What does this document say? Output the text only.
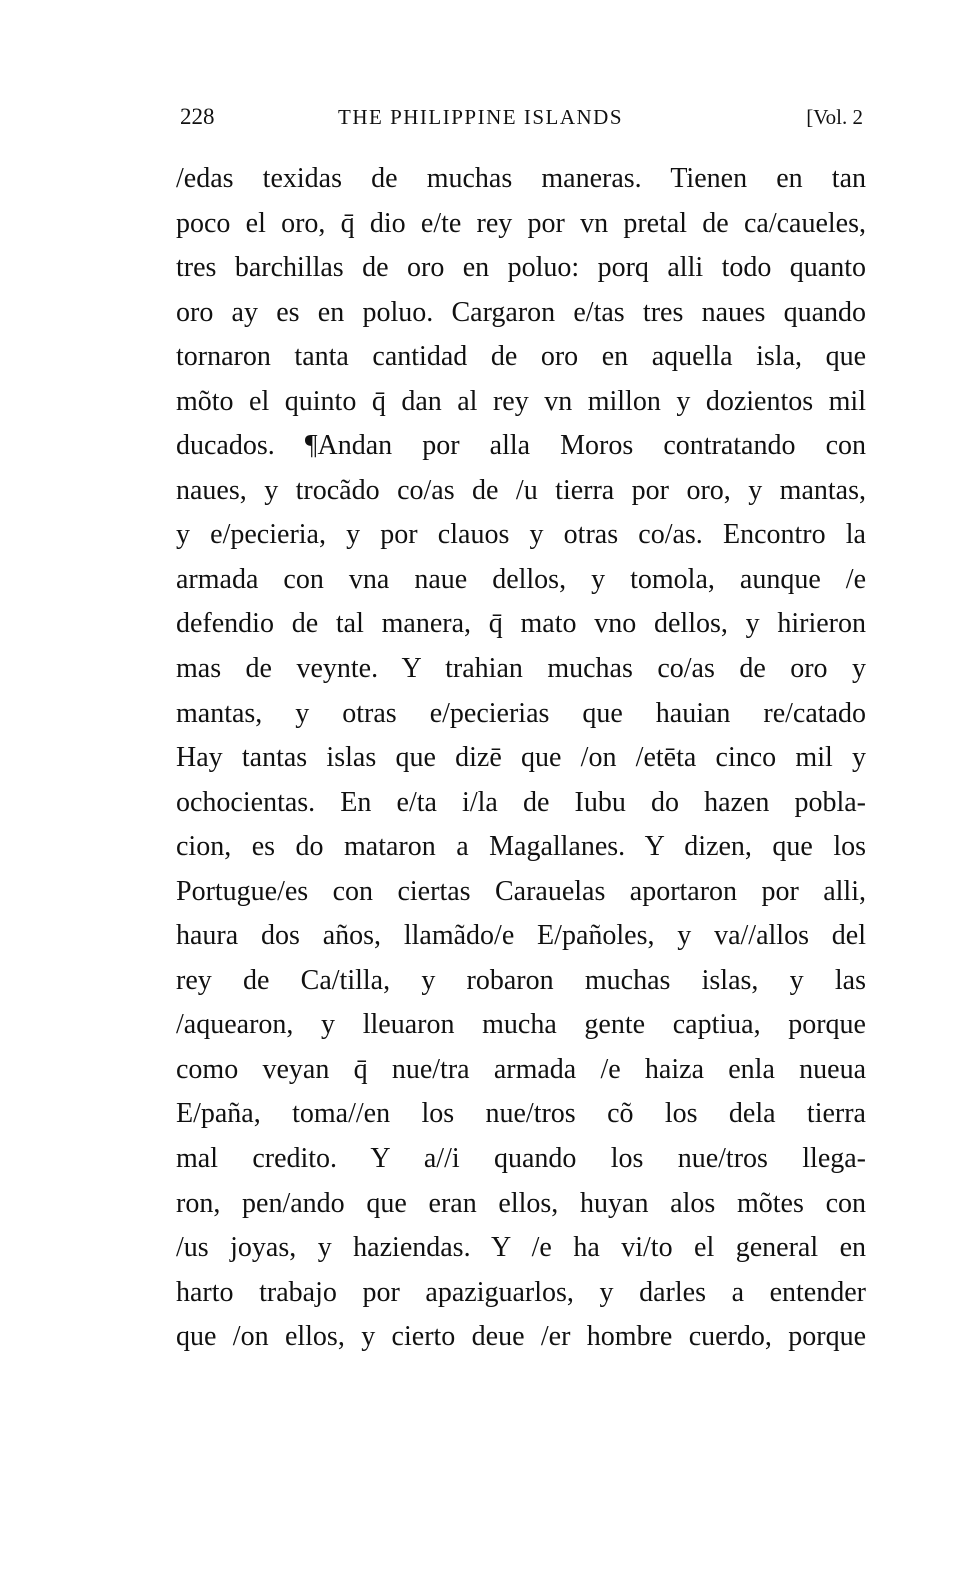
228	THE PHILIPPINE ISLANDS	[Vol. 2
/edas texidas de muchas maneras. Tienen en tan
poco el oro, q̄ dio e/te rey por vn pretal de ca/caueles,
tres barchillas de oro en poluo: porq alli todo quanto
oro ay es en poluo. Cargaron e/tas tres naues quando
tornaron tanta cantidad de oro en aquella isla, que
mõto el quinto q̄ dan al rey vn millon y dozientos mil
ducados. ¶Andan por alla Moros contratando con
naues, y trocãdo co/as de /u tierra por oro, y mantas,
y e/pecieria, y por clauos y otras co/as. Encontro la
armada con vna naue dellos, y tomola, aunque /e
defendio de tal manera, q̄ mato vno dellos, y hirieron
mas de veynte. Y trahian muchas co/as de oro y
mantas, y otras e/pecierias que hauian re/catado
Hay tantas islas que dizē que /on /etēta cinco mil y
ochocientas. En e/ta i/la de Iubu do hazen pobla-
cion, es do mataron a Magallanes. Y dizen, que los
Portugue/es con ciertas Carauelas aportaron por alli,
haura dos años, llamãdo/e E/pañoles, y va//allos del
rey de Ca/tilla, y robaron muchas islas, y las
/aquearon, y lleuaron mucha gente captiua, porque
como veyan q̄ nue/tra armada /e haiza enla nueua
E/paña, toma//en los nue/tros cõ los dela tierra
mal credito. Y a//i quando los nue/tros llega-
ron, pen/ando que eran ellos, huyan alos mõtes con
/us joyas, y haziendas. Y /e ha vi/to el general en
harto trabajo por apaziguarlos, y darles a entender
que /on ellos, y cierto deue /er hombre cuerdo, porque
